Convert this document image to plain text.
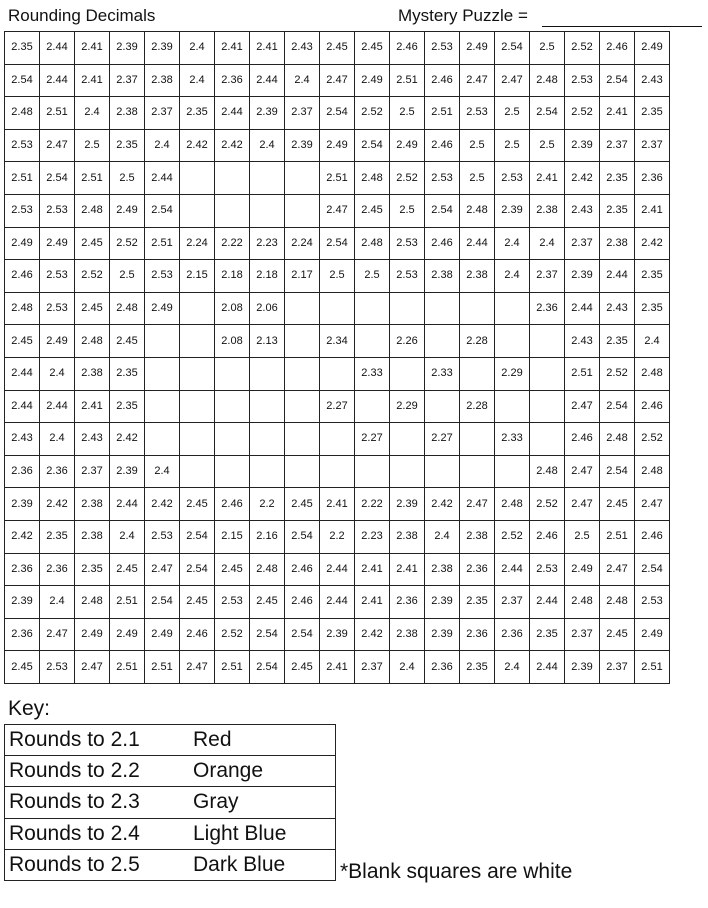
Rounding Decimals	Mystery Puzzle =
2.35	2.44	2.41	2.39	2.39	2.4	2.41	2.41	2.43	2.45	2.45	2.46	2.53	2.49	2.54	2.5	2.52	2.46	2.49
2.54	2.44	2.41	2.37	2.38	2.4	2.36	2.44	2.4	2.47	2.49	2.51	2.46	2.47	2.47	2.48	2.53	2.54	2.43
2.48	2.51	2.4	2.38	2.37	2.35	2.44	2.39	2.37	2.54	2.52	2.5	2.51	2.53	2.5	2.54	2.52	2.41	2.35
2.53	2.47	2.5	2.35	2.4	2.42	2.42	2.4	2.39	2.49	2.54	2.49	2.46	2.5	2.5	2.5	2.39	2.37	2.37
2.51	2.54	2.51	2.5	2.44					2.51	2.48	2.52	2.53	2.5	2.53	2.41	2.42	2.35	2.36
2.53	2.53	2.48	2.49	2.54					2.47	2.45	2.5	2.54	2.48	2.39	2.38	2.43	2.35	2.41
2.49	2.49	2.45	2.52	2.51	2.24	2.22	2.23	2.24	2.54	2.48	2.53	2.46	2.44	2.4	2.4	2.37	2.38	2.42
2.46	2.53	2.52	2.5	2.53	2.15	2.18	2.18	2.17	2.5	2.5	2.53	2.38	2.38	2.4	2.37	2.39	2.44	2.35
2.48	2.53	2.45	2.48	2.49		2.08	2.06								2.36	2.44	2.43	2.35
2.45	2.49	2.48	2.45			2.08	2.13		2.34		2.26		2.28			2.43	2.35	2.4
2.44	2.4	2.38	2.35							2.33		2.33		2.29		2.51	2.52	2.48
2.44	2.44	2.41	2.35						2.27		2.29		2.28			2.47	2.54	2.46
2.43	2.4	2.43	2.42							2.27		2.27		2.33		2.46	2.48	2.52
2.36	2.36	2.37	2.39	2.4											2.48	2.47	2.54	2.48
2.39	2.42	2.38	2.44	2.42	2.45	2.46	2.2	2.45	2.41	2.22	2.39	2.42	2.47	2.48	2.52	2.47	2.45	2.47
2.42	2.35	2.38	2.4	2.53	2.54	2.15	2.16	2.54	2.2	2.23	2.38	2.4	2.38	2.52	2.46	2.5	2.51	2.46
2.36	2.36	2.35	2.45	2.47	2.54	2.45	2.48	2.46	2.44	2.41	2.41	2.38	2.36	2.44	2.53	2.49	2.47	2.54
2.39	2.4	2.48	2.51	2.54	2.45	2.53	2.45	2.46	2.44	2.41	2.36	2.39	2.35	2.37	2.44	2.48	2.48	2.53
2.36	2.47	2.49	2.49	2.49	2.46	2.52	2.54	2.54	2.39	2.42	2.38	2.39	2.36	2.36	2.35	2.37	2.45	2.49
2.45	2.53	2.47	2.51	2.51	2.47	2.51	2.54	2.45	2.41	2.37	2.4	2.36	2.35	2.4	2.44	2.39	2.37	2.51
Key:
Rounds to 2.1	Red
Rounds to 2.2	Orange
Rounds to 2.3	Gray
Rounds to 2.4	Light Blue
Rounds to 2.5	Dark Blue	*Blank squares are white
